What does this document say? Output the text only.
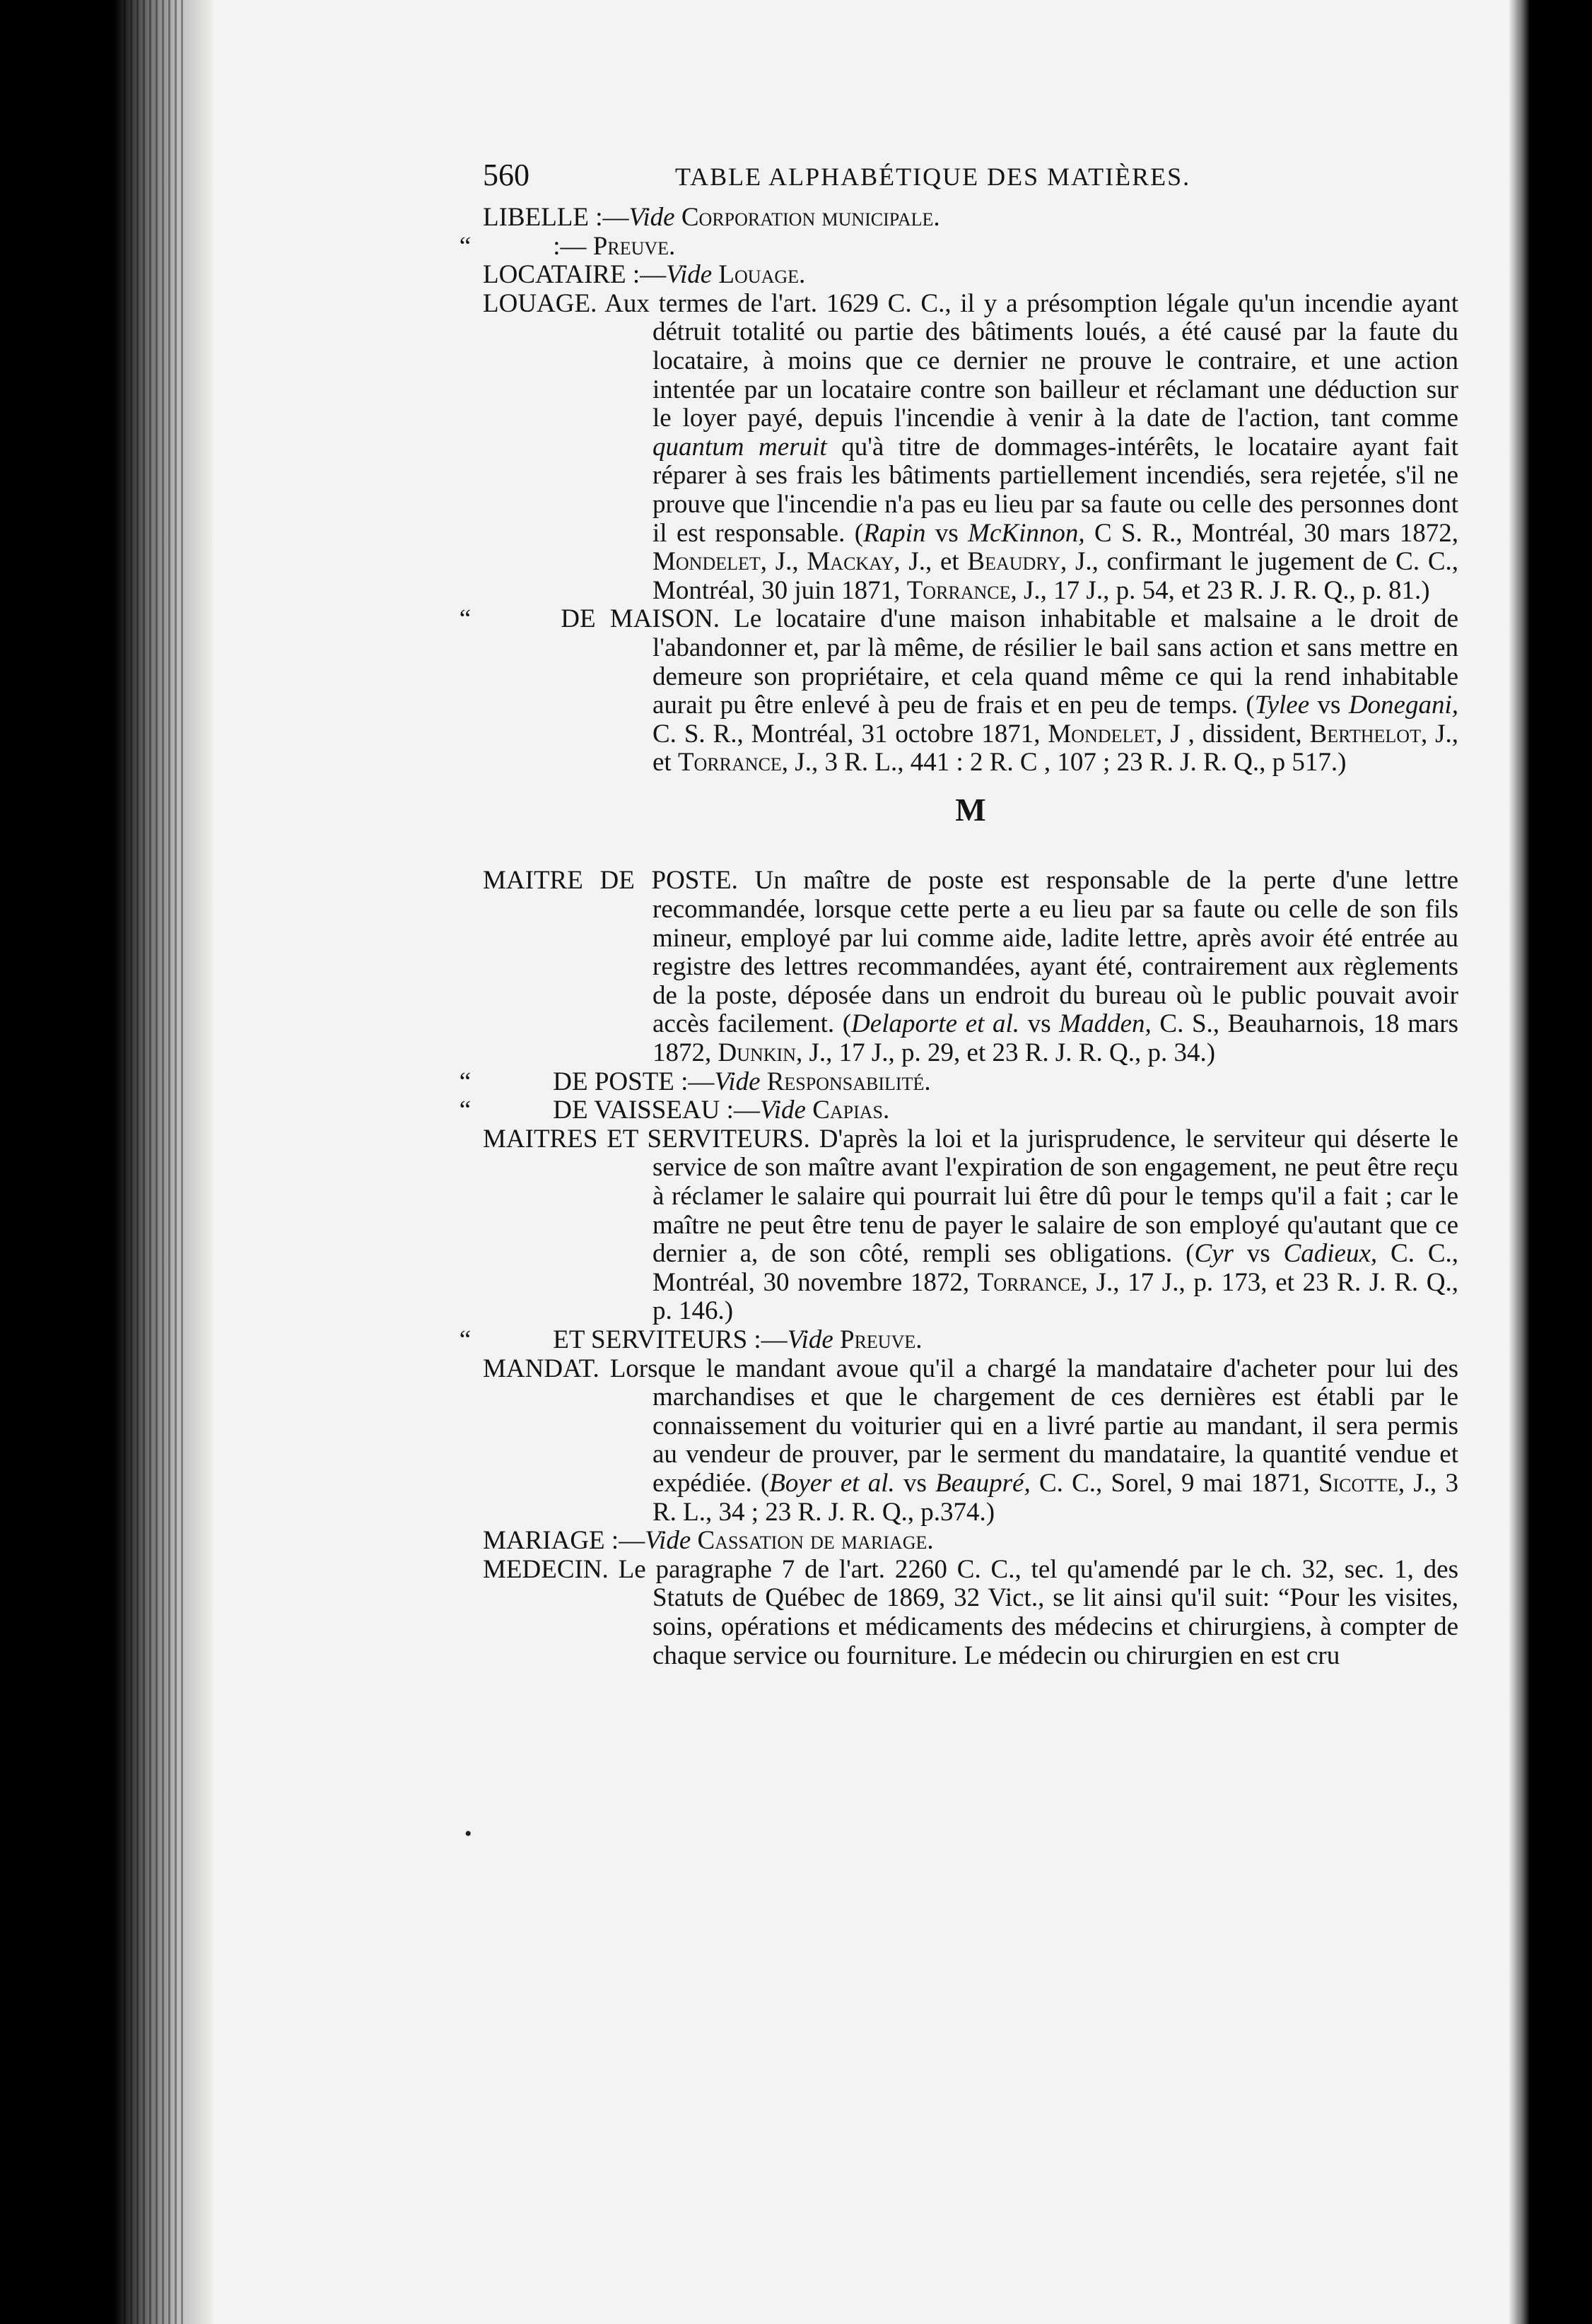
560	TABLE ALPHABÉTIQUE DES MATIÈRES.

LIBELLE :—Vide Corporation municipale.

“	:— Preuve.

LOCATAIRE :—Vide Louage.

LOUAGE. Aux termes de l'art. 1629 C. C., il y a présomption légale qu'un incendie ayant détruit totalité ou partie des bâtiments loués, a été causé par la faute du locataire, à moins que ce dernier ne prouve le contraire, et une action intentée par un locataire contre son bailleur et réclamant une déduction sur le loyer payé, depuis l'incendie à venir à la date de l'action, tant comme quantum meruit qu'à titre de dommages-intérêts, le locataire ayant fait réparer à ses frais les bâtiments partiellement incendiés, sera rejetée, s'il ne prouve que l'incendie n'a pas eu lieu par sa faute ou celle des personnes dont il est responsable. (Rapin vs McKinnon, C S. R., Montréal, 30 mars 1872, Mondelet, J., Mackay, J., et Beaudry, J., confirmant le jugement de C. C., Montréal, 30 juin 1871, Torrance, J., 17 J., p. 54, et 23 R. J. R. Q., p. 81.)

“	DE MAISON. Le locataire d'une maison inhabitable et malsaine a le droit de l'abandonner et, par là même, de résilier le bail sans action et sans mettre en demeure son propriétaire, et cela quand même ce qui la rend inhabitable aurait pu être enlevé à peu de frais et en peu de temps. (Tylee vs Donegani, C. S. R., Montréal, 31 octobre 1871, Mondelet, J , dissident, Berthelot, J., et Torrance, J., 3 R. L., 441 : 2 R. C , 107 ; 23 R. J. R. Q., p 517.)

M

MAITRE DE POSTE. Un maître de poste est responsable de la perte d'une lettre recommandée, lorsque cette perte a eu lieu par sa faute ou celle de son fils mineur, employé par lui comme aide, ladite lettre, après avoir été entrée au registre des lettres recommandées, ayant été, contrairement aux règlements de la poste, déposée dans un endroit du bureau où le public pouvait avoir accès facilement. (Delaporte et al. vs Madden, C. S., Beauharnois, 18 mars 1872, Dunkin, J., 17 J., p. 29, et 23 R. J. R. Q., p. 34.)

“	DE POSTE :—Vide Responsabilité.

“	DE VAISSEAU :—Vide Capias.

MAITRES ET SERVITEURS. D'après la loi et la jurisprudence, le serviteur qui déserte le service de son maître avant l'expiration de son engagement, ne peut être reçu à réclamer le salaire qui pourrait lui être dû pour le temps qu'il a fait ; car le maître ne peut être tenu de payer le salaire de son employé qu'autant que ce dernier a, de son côté, rempli ses obligations. (Cyr vs Cadieux, C. C., Montréal, 30 novembre 1872, Torrance, J., 17 J., p. 173, et 23 R. J. R. Q., p. 146.)

“	ET SERVITEURS :—Vide Preuve.

MANDAT. Lorsque le mandant avoue qu'il a chargé la mandataire d'acheter pour lui des marchandises et que le chargement de ces dernières est établi par le connaissement du voiturier qui en a livré partie au mandant, il sera permis au vendeur de prouver, par le serment du mandataire, la quantité vendue et expédiée. (Boyer et al. vs Beaupré, C. C., Sorel, 9 mai 1871, Sicotte, J., 3 R. L., 34 ; 23 R. J. R. Q., p.374.)

MARIAGE :—Vide Cassation de mariage.

MEDECIN. Le paragraphe 7 de l'art. 2260 C. C., tel qu'amendé par le ch. 32, sec. 1, des Statuts de Québec de 1869, 32 Vict., se lit ainsi qu'il suit: “Pour les visites, soins, opérations et médicaments des médecins et chirurgiens, à compter de chaque service ou fourniture. Le médecin ou chirurgien en est cru

•
